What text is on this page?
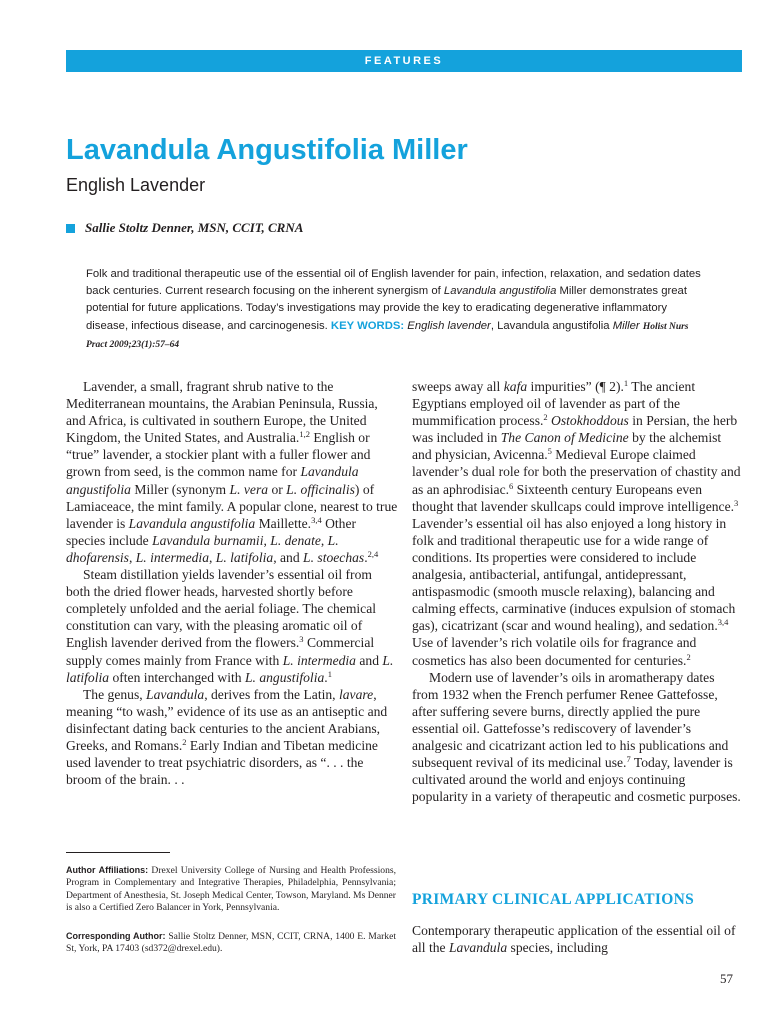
FEATURES
Lavandula Angustifolia Miller
English Lavender
Sallie Stoltz Denner, MSN, CCIT, CRNA

Folk and traditional therapeutic use of the essential oil of English lavender for pain, infection, relaxation, and sedation dates back centuries. Current research focusing on the inherent synergism of Lavandula angustifolia Miller demonstrates great potential for future applications. Today’s investigations may provide the key to eradicating degenerative inflammatory disease, infectious disease, and carcinogenesis. KEY WORDS: English lavender, Lavandula angustifolia Miller Holist Nurs Pract 2009;23(1):57–64

Lavender, a small, fragrant shrub native to the Mediterranean mountains, the Arabian Peninsula, Russia, and Africa, is cultivated in southern Europe, the United Kingdom, the United States, and Australia.$^{1,2}$ English or “true” lavender, a stockier plant with a fuller flower and grown from seed, is the common name for Lavandula angustifolia Miller (synonym L. vera or L. officinalis) of Lamiaceace, the mint family. A popular clone, nearest to true lavender is Lavandula angustifolia Maillette.$^{3,4}$ Other species include Lavandula burnamii, L. denate, L. dhofarensis, L. intermedia, L. latifolia, and L. stoechas.$^{2,4}$

Steam distillation yields lavender’s essential oil from both the dried flower heads, harvested shortly before completely unfolded and the aerial foliage. The chemical constitution can vary, with the pleasing aromatic oil of English lavender derived from the flowers.$^3$ Commercial supply comes mainly from France with L. intermedia and L. latifolia often interchanged with L. angustifolia.$^1$

The genus, Lavandula, derives from the Latin, lavare, meaning “to wash,” evidence of its use as an antiseptic and disinfectant dating back centuries to the ancient Arabians, Greeks, and Romans.$^2$ Early Indian and Tibetan medicine used lavender to treat psychiatric disorders, as “. . . the broom of the brain. . .

sweeps away all kafa impurities” (¶ 2).$^1$ The ancient Egyptians employed oil of lavender as part of the mummification process.$^2$ Ostokhoddous in Persian, the herb was included in The Canon of Medicine by the alchemist and physician, Avicenna.$^5$ Medieval Europe claimed lavender’s dual role for both the preservation of chastity and as an aphrodisiac.$^6$ Sixteenth century Europeans even thought that lavender skullcaps could improve intelligence.$^3$ Lavender’s essential oil has also enjoyed a long history in folk and traditional therapeutic use for a wide range of conditions. Its properties were considered to include analgesia, antibacterial, antifungal, antidepressant, antispasmodic (smooth muscle relaxing), balancing and calming effects, carminative (induces expulsion of stomach gas), cicatrizant (scar and wound healing), and sedation.$^{3,4}$ Use of lavender’s rich volatile oils for fragrance and cosmetics has also been documented for centuries.$^2$

Modern use of lavender’s oils in aromatherapy dates from 1932 when the French perfumer Renee Gattefosse, after suffering severe burns, directly applied the pure essential oil. Gattefosse’s rediscovery of lavender’s analgesic and cicatrizant action led to his publications and subsequent revival of its medicinal use.$^7$ Today, lavender is cultivated around the world and enjoys continuing popularity in a variety of therapeutic and cosmetic purposes.

Author Affiliations: Drexel University College of Nursing and Health Professions, Program in Complementary and Integrative Therapies, Philadelphia, Pennsylvania; Department of Anesthesia, St. Joseph Medical Center, Towson, Maryland. Ms Denner is also a Certified Zero Balancer in York, Pennsylvania.

Corresponding Author: Sallie Stoltz Denner, MSN, CCIT, CRNA, 1400 E. Market St, York, PA 17403 (sd372@drexel.edu).

PRIMARY CLINICAL APPLICATIONS

Contemporary therapeutic application of the essential oil of all the Lavandula species, including

57
